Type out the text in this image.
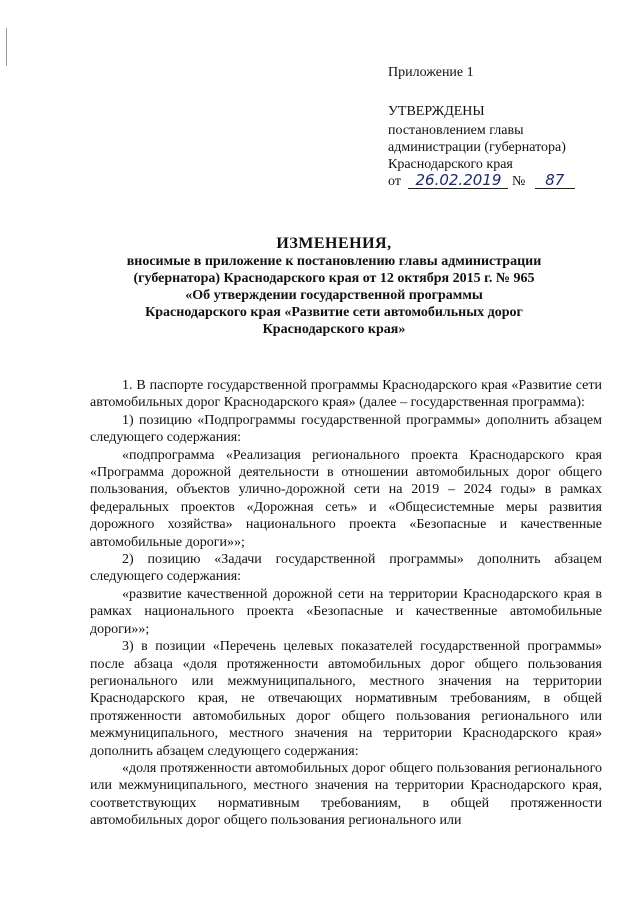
Приложение 1
УТВЕРЖДЕНЫ
постановлением главы
администрации (губернатора)
Краснодарского края
от 26.02.2019 № 87
ИЗМЕНЕНИЯ,
вносимые в приложение к постановлению главы администрации
(губернатора) Краснодарского края от 12 октября 2015 г. № 965
«Об утверждении государственной программы
Краснодарского края «Развитие сети автомобильных дорог
Краснодарского края»

1. В паспорте государственной программы Краснодарского края «Развитие сети автомобильных дорог Краснодарского края» (далее – государственная программа):

1) позицию «Подпрограммы государственной программы» дополнить абзацем следующего содержания:

«подпрограмма «Реализация регионального проекта Краснодарского края «Программа дорожной деятельности в отношении автомобильных дорог общего пользования, объектов улично-дорожной сети на 2019 – 2024 годы» в рамках федеральных проектов «Дорожная сеть» и «Общесистемные меры развития дорожного хозяйства» национального проекта «Безопасные и качественные автомобильные дороги»»;

2) позицию «Задачи государственной программы» дополнить абзацем следующего содержания:

«развитие качественной дорожной сети на территории Краснодарского края в рамках национального проекта «Безопасные и качественные автомобильные дороги»»;

3) в позиции «Перечень целевых показателей государственной программы» после абзаца «доля протяженности автомобильных дорог общего пользования регионального или межмуниципального, местного значения на территории Краснодарского края, не отвечающих нормативным требованиям, в общей протяженности автомобильных дорог общего пользования регионального или межмуниципального, местного значения на территории Краснодарского края» дополнить абзацем следующего содержания:

«доля протяженности автомобильных дорог общего пользования регионального или межмуниципального, местного значения на территории Краснодарского края, соответствующих нормативным требованиям, в общей протяженности автомобильных дорог общего пользования регионального или
